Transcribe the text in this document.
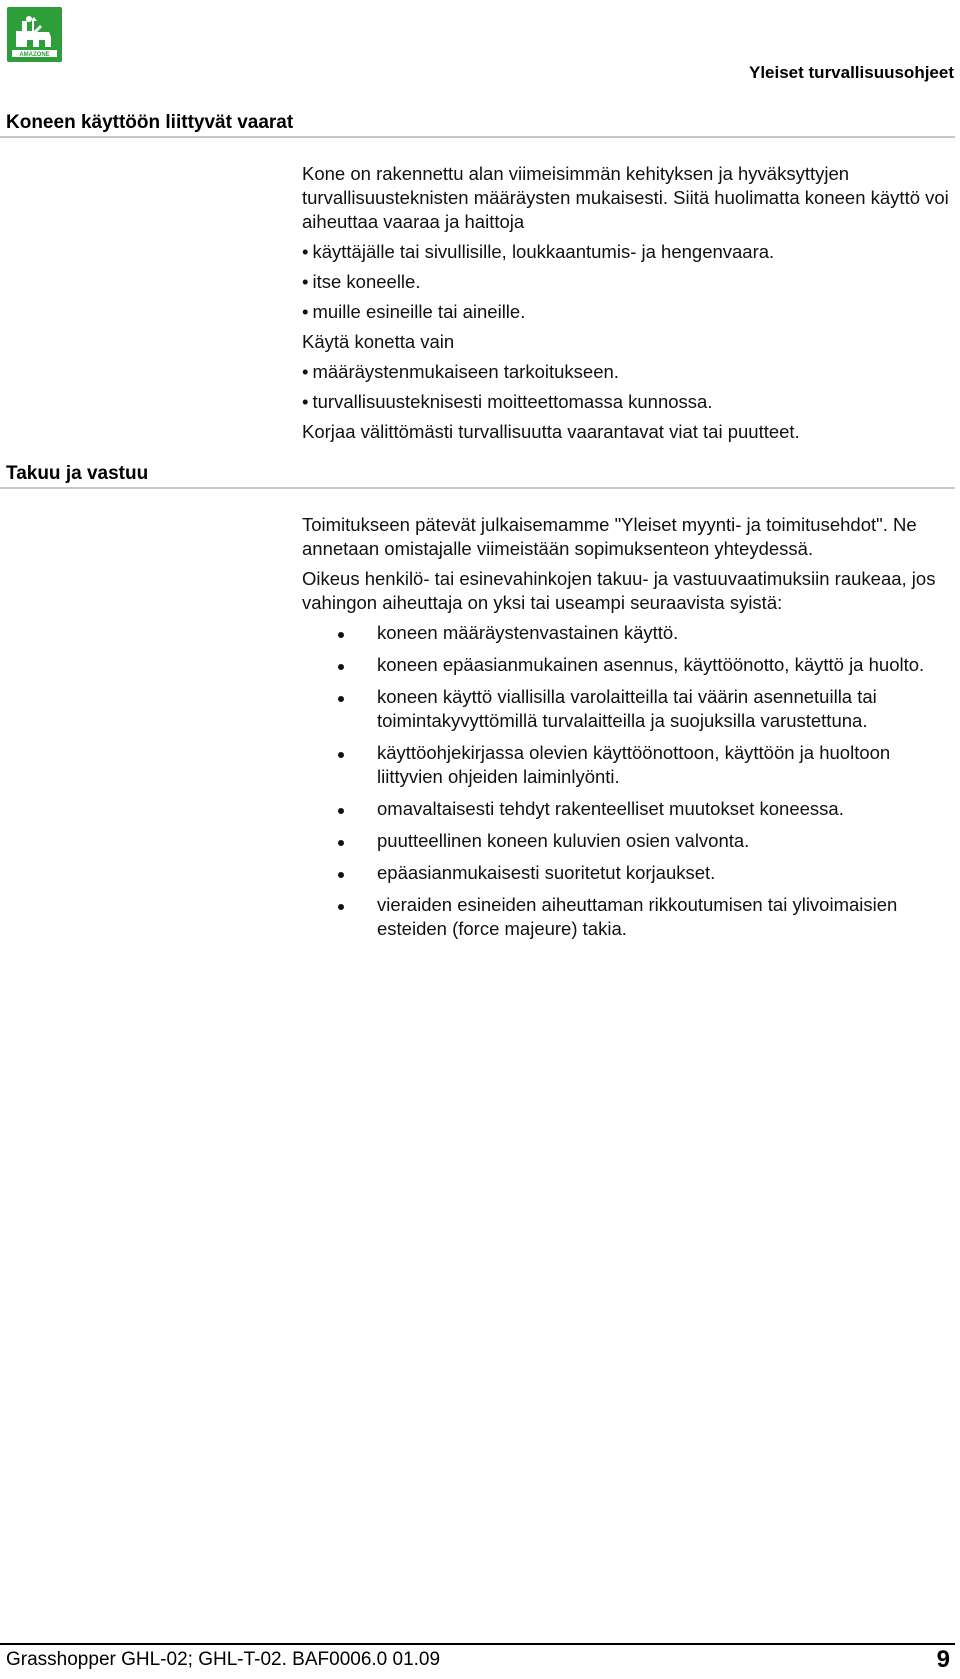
AMAZONE
Yleiset turvallisuusohjeet
Koneen käyttöön liittyvät vaarat

Kone on rakennettu alan viimeisimmän kehityksen ja hyväksyttyjen turvallisuusteknisten määräysten mukaisesti. Siitä huolimatta koneen käyttö voi aiheuttaa vaaraa ja haittoja

• käyttäjälle tai sivullisille, loukkaantumis- ja hengenvaara.
• itse koneelle.
• muille esineille tai aineille.

Käytä konetta vain

• määräystenmukaiseen tarkoitukseen.
• turvallisuusteknisesti moitteettomassa kunnossa.

Korjaa välittömästi turvallisuutta vaarantavat viat tai puutteet.

Takuu ja vastuu

Toimitukseen pätevät julkaisemamme "Yleiset myynti- ja toimitusehdot". Ne annetaan omistajalle viimeistään sopimuksenteon yhteydessä.

Oikeus henkilö- tai esinevahinkojen takuu- ja vastuuvaatimuksiin raukeaa, jos vahingon aiheuttaja on yksi tai useampi seuraavista syistä:

koneen määräystenvastainen käyttö.
koneen epäasianmukainen asennus, käyttöönotto, käyttö ja huolto.
koneen käyttö viallisilla varolaitteilla tai väärin asennetuilla tai toimintakyvyttömillä turvalaitteilla ja suojuksilla varustettuna.
käyttöohjekirjassa olevien käyttöönottoon, käyttöön ja huoltoon liittyvien ohjeiden laiminlyönti.
omavaltaisesti tehdyt rakenteelliset muutokset koneessa.
puutteellinen koneen kuluvien osien valvonta.
epäasianmukaisesti suoritetut korjaukset.
vieraiden esineiden aiheuttaman rikkoutumisen tai ylivoimaisien esteiden (force majeure) takia.
Grasshopper GHL-02; GHL-T-02. BAF0006.0 01.09	9
